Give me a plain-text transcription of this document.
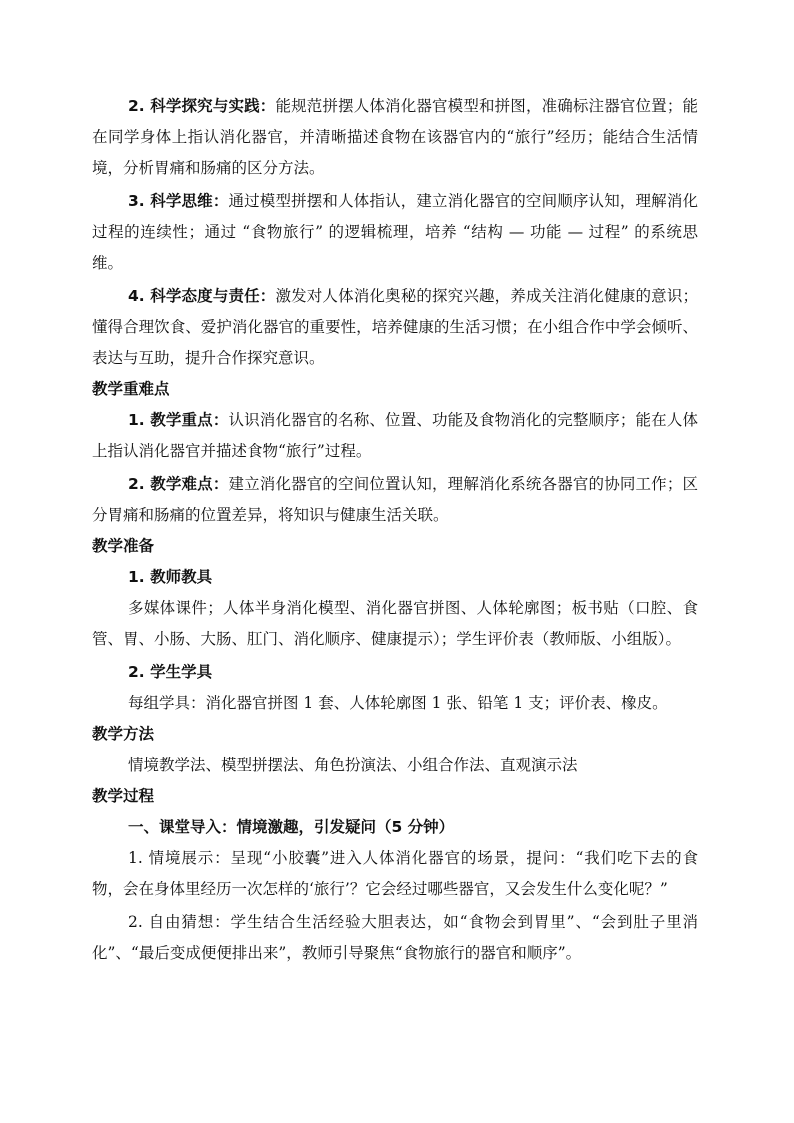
2. 科学探究与实践：能规范拼摆人体消化器官模型和拼图，准确标注器官位置；能在同学身体上指认消化器官，并清晰描述食物在该器官内的“旅行”经历；能结合生活情境，分析胃痛和肠痛的区分方法。

3. 科学思维：通过模型拼摆和人体指认，建立消化器官的空间顺序认知，理解消化过程的连续性；通过 “食物旅行” 的逻辑梳理，培养 “结构 — 功能 — 过程” 的系统思维。

4. 科学态度与责任：激发对人体消化奥秘的探究兴趣，养成关注消化健康的意识；懂得合理饮食、爱护消化器官的重要性，培养健康的生活习惯；在小组合作中学会倾听、表达与互助，提升合作探究意识。

教学重难点

1. 教学重点：认识消化器官的名称、位置、功能及食物消化的完整顺序；能在人体上指认消化器官并描述食物“旅行”过程。

2. 教学难点：建立消化器官的空间位置认知，理解消化系统各器官的协同工作；区分胃痛和肠痛的位置差异，将知识与健康生活关联。

教学准备

1. 教师教具

多媒体课件；人体半身消化模型、消化器官拼图、人体轮廓图；板书贴（口腔、食管、胃、小肠、大肠、肛门、消化顺序、健康提示）；学生评价表（教师版、小组版）。

2. 学生学具

每组学具：消化器官拼图 1 套、人体轮廓图 1 张、铅笔 1 支；评价表、橡皮。

教学方法

情境教学法、模型拼摆法、角色扮演法、小组合作法、直观演示法

教学过程

一、课堂导入：情境激趣，引发疑问（5 分钟）

1. 情境展示：呈现“小胶囊”进入人体消化器官的场景，提问：“我们吃下去的食物，会在身体里经历一次怎样的‘旅行’？它会经过哪些器官，又会发生什么变化呢？”

2. 自由猜想：学生结合生活经验大胆表达，如“食物会到胃里”、“会到肚子里消化”、“最后变成便便排出来”，教师引导聚焦“食物旅行的器官和顺序”。
